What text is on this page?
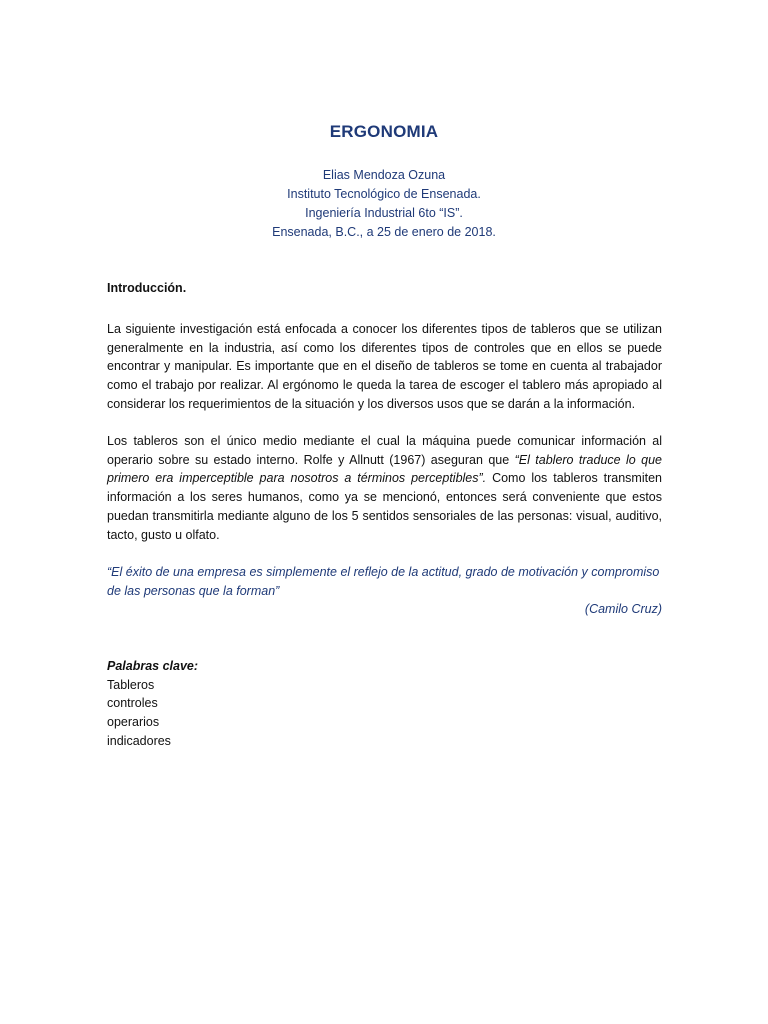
ERGONOMIA
Elias Mendoza Ozuna
Instituto Tecnológico de Ensenada.
Ingeniería Industrial 6to “IS”.
Ensenada, B.C., a 25 de enero de 2018.

Introducción.

La siguiente investigación está enfocada a conocer los diferentes tipos de tableros que se utilizan generalmente en la industria, así como los diferentes tipos de controles que en ellos se puede encontrar y manipular. Es importante que en el diseño de tableros se tome en cuenta al trabajador como el trabajo por realizar. Al ergónomo le queda la tarea de escoger el tablero más apropiado al considerar los requerimientos de la situación y los diversos usos que se darán a la información.

Los tableros son el único medio mediante el cual la máquina puede comunicar información al operario sobre su estado interno. Rolfe y Allnutt (1967) aseguran que “El tablero traduce lo que primero era imperceptible para nosotros a términos perceptibles”. Como los tableros transmiten información a los seres humanos, como ya se mencionó, entonces será conveniente que estos puedan transmitirla mediante alguno de los 5 sentidos sensoriales de las personas: visual, auditivo, tacto, gusto u olfato.

“El éxito de una empresa es simplemente el reflejo de la actitud, grado de motivación y compromiso de las personas que la forman”

(Camilo Cruz)

Palabras clave:

Tableros

controles

operarios

indicadores
